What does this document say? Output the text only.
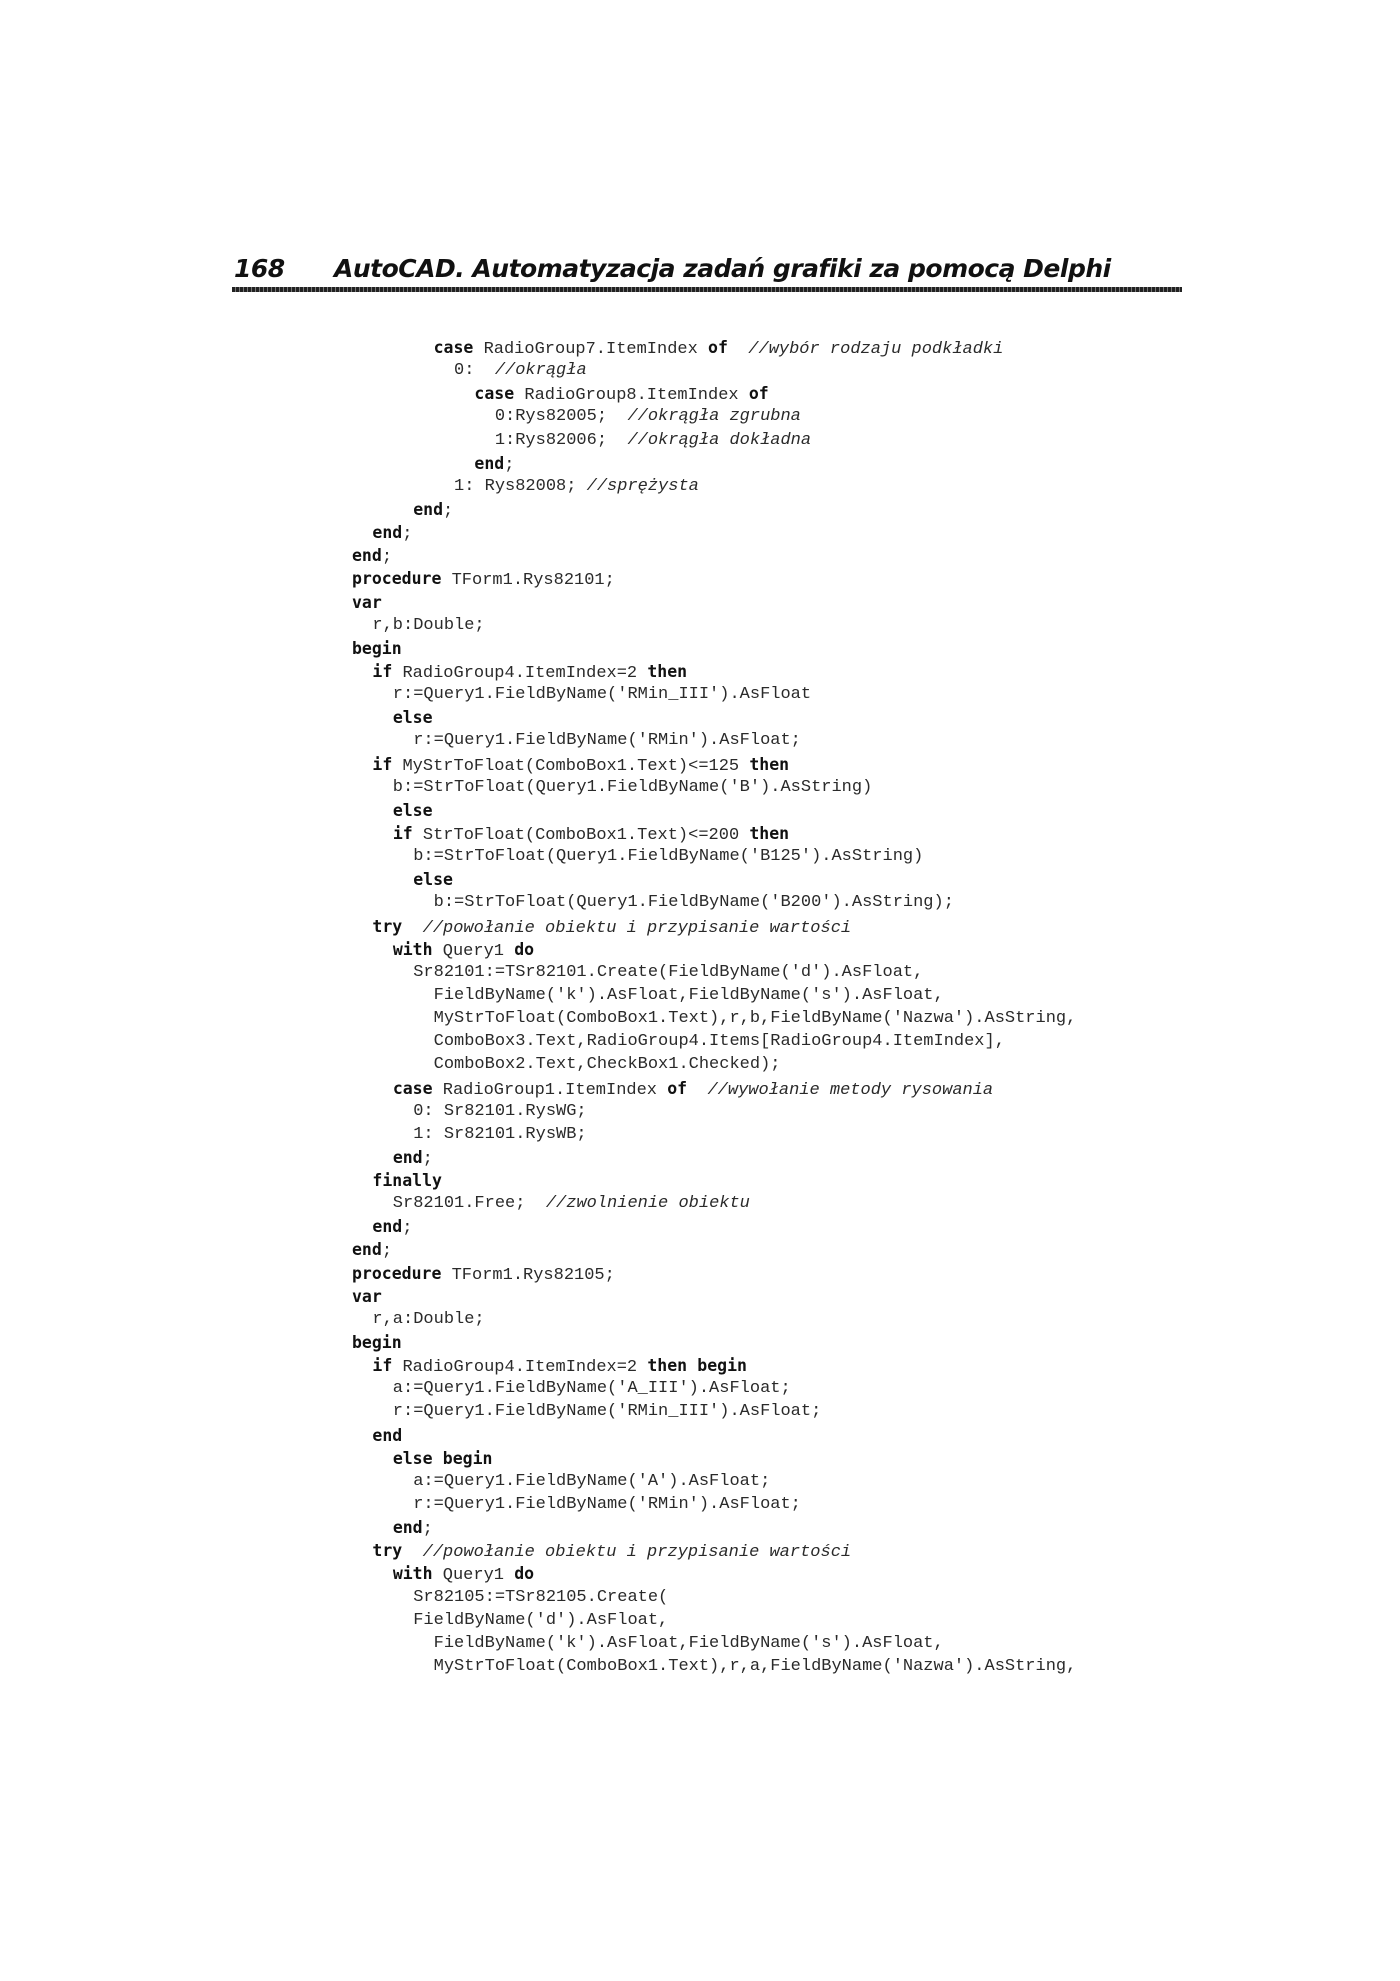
168 AutoCAD. Automatyzacja zadań grafiki za pomocą Delphi
case RadioGroup7.ItemIndex of //wybór rodzaju podkładki
0:  //okrągła
case RadioGroup8.ItemIndex of
0:Rys82005;  //okrągła zgrubna
1:Rys82006;  //okrągła dokładna
end;
1: Rys82008; //sprężysta
end;
end;
end;
procedure TForm1.Rys82101;
var
r,b:Double;
begin
if RadioGroup4.ItemIndex=2 then
r:=Query1.FieldByName('RMin_III').AsFloat
else
r:=Query1.FieldByName('RMin').AsFloat;
if MyStrToFloat(ComboBox1.Text)<=125 then
b:=StrToFloat(Query1.FieldByName('B').AsString)
else
if StrToFloat(ComboBox1.Text)<=200 then
b:=StrToFloat(Query1.FieldByName('B125').AsString)
else
b:=StrToFloat(Query1.FieldByName('B200').AsString);
try //powołanie obiektu i przypisanie wartości
with Query1 do
Sr82101:=TSr82101.Create(FieldByName('d').AsFloat,
FieldByName('k').AsFloat,FieldByName('s').AsFloat,
MyStrToFloat(ComboBox1.Text),r,b,FieldByName('Nazwa').AsString,
ComboBox3.Text,RadioGroup4.Items[RadioGroup4.ItemIndex],
ComboBox2.Text,CheckBox1.Checked);
case RadioGroup1.ItemIndex of //wywołanie metody rysowania
0: Sr82101.RysWG;
1: Sr82101.RysWB;
end;
finally
Sr82101.Free;  //zwolnienie obiektu
end;
end;
procedure TForm1.Rys82105;
var
r,a:Double;
begin
if RadioGroup4.ItemIndex=2 then begin
a:=Query1.FieldByName('A_III').AsFloat;
r:=Query1.FieldByName('RMin_III').AsFloat;
end
else begin
a:=Query1.FieldByName('A').AsFloat;
r:=Query1.FieldByName('RMin').AsFloat;
end;
try //powołanie obiektu i przypisanie wartości
with Query1 do
Sr82105:=TSr82105.Create(
FieldByName('d').AsFloat,
FieldByName('k').AsFloat,FieldByName('s').AsFloat,
MyStrToFloat(ComboBox1.Text),r,a,FieldByName('Nazwa').AsString,
